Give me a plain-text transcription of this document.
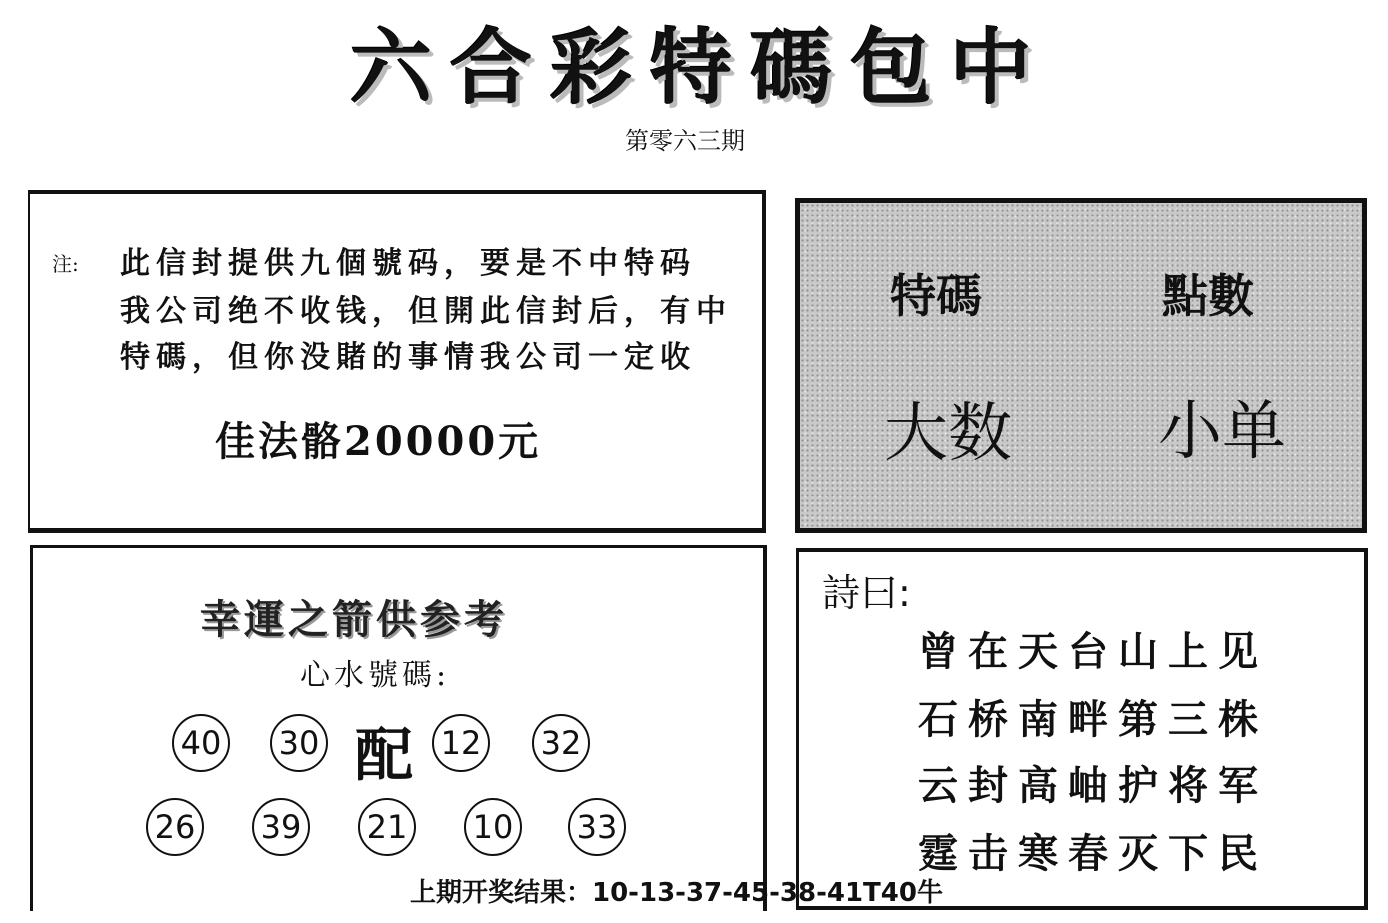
六合彩特碼包中
第零六三期
注: 此信封提供九個號码，要是不中特码
我公司绝不收钱，但開此信封后，有中
特碼，但你没賭的事情我公司一定收
佳法骼20000元
特碼	點數
大数 小单
幸運之箭供参考
心水號碼:
40 30 配 12 32
26 39 21 10 33
詩曰:
曾在天台山上见
石桥南畔第三株
云封高岫护将军
霆击寒春灭下民
上期开奖结果：10-13-37-45-38-41T40牛
